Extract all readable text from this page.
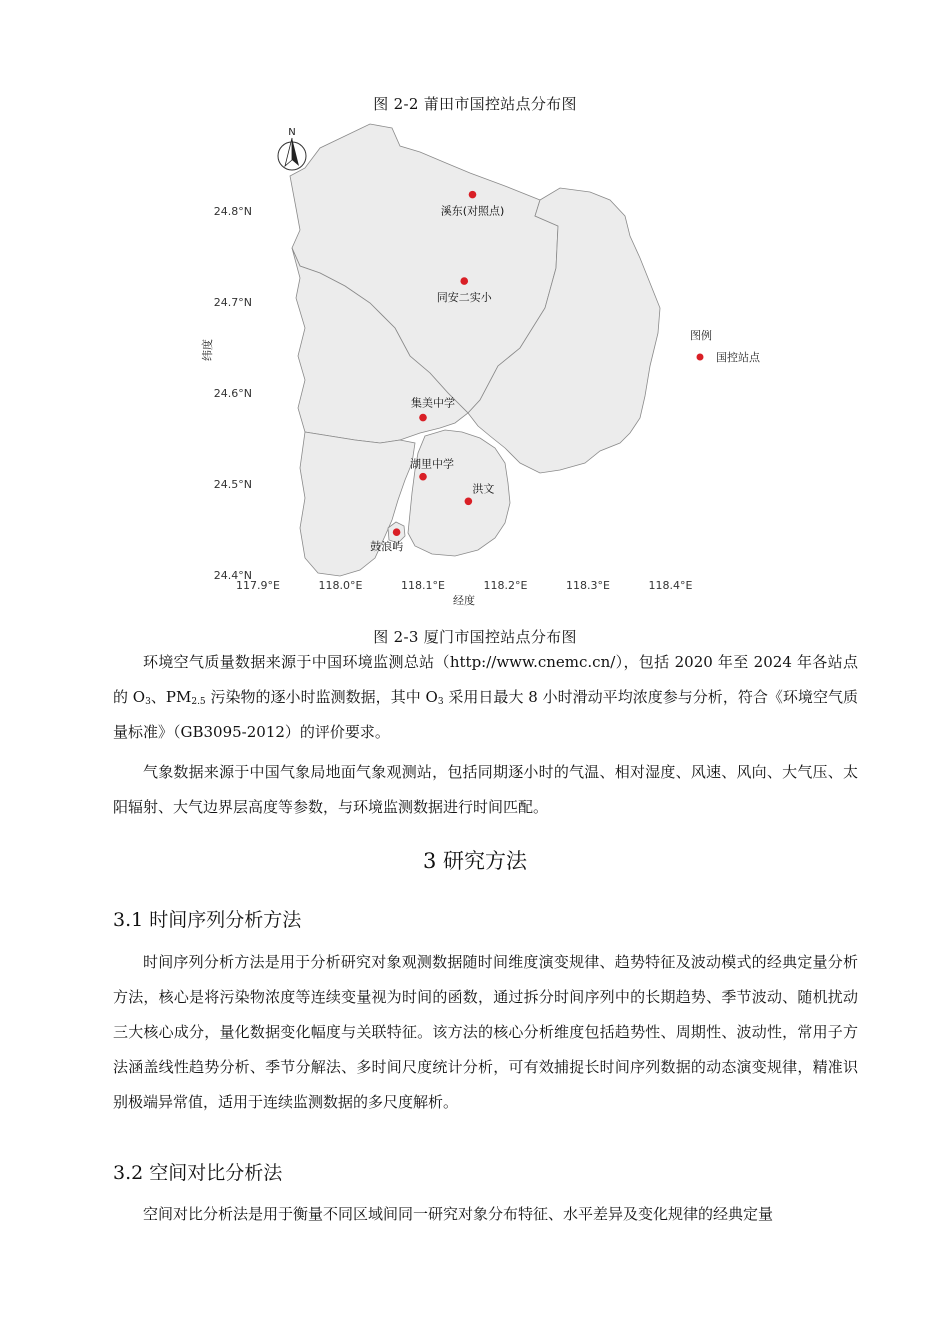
图 2-2 莆田市国控站点分布图
N
24.8°N
24.7°N
24.6°N
24.5°N
24.4°N
117.9°E	118.0°E	118.1°E	118.2°E	118.3°E	118.4°E
纬度
经度
溪东(对照点)
同安二实小
集美中学
湖里中学
洪文
鼓浪屿
图例
国控站点
图 2-3 厦门市国控站点分布图

环境空气质量数据来源于中国环境监测总站（http://www.cnemc.cn/），包括 2020 年至 2024 年各站点的 $O_3$、$PM_{2.5}$ 污染物的逐小时监测数据，其中 $O_3$ 采用日最大 8 小时滑动平均浓度参与分析，符合《环境空气质量标准》（GB3095-2012）的评价要求。

气象数据来源于中国气象局地面气象观测站，包括同期逐小时的气温、相对湿度、风速、风向、大气压、太阳辐射、大气边界层高度等参数，与环境监测数据进行时间匹配。

3 研究方法
3.1 时间序列分析方法

时间序列分析方法是用于分析研究对象观测数据随时间维度演变规律、趋势特征及波动模式的经典定量分析方法，核心是将污染物浓度等连续变量视为时间的函数，通过拆分时间序列中的长期趋势、季节波动、随机扰动三大核心成分，量化数据变化幅度与关联特征。该方法的核心分析维度包括趋势性、周期性、波动性，常用子方法涵盖线性趋势分析、季节分解法、多时间尺度统计分析，可有效捕捉长时间序列数据的动态演变规律，精准识别极端异常值，适用于连续监测数据的多尺度解析。

3.2 空间对比分析法

空间对比分析法是用于衡量不同区域间同一研究对象分布特征、水平差异及变化规律的经典定量
